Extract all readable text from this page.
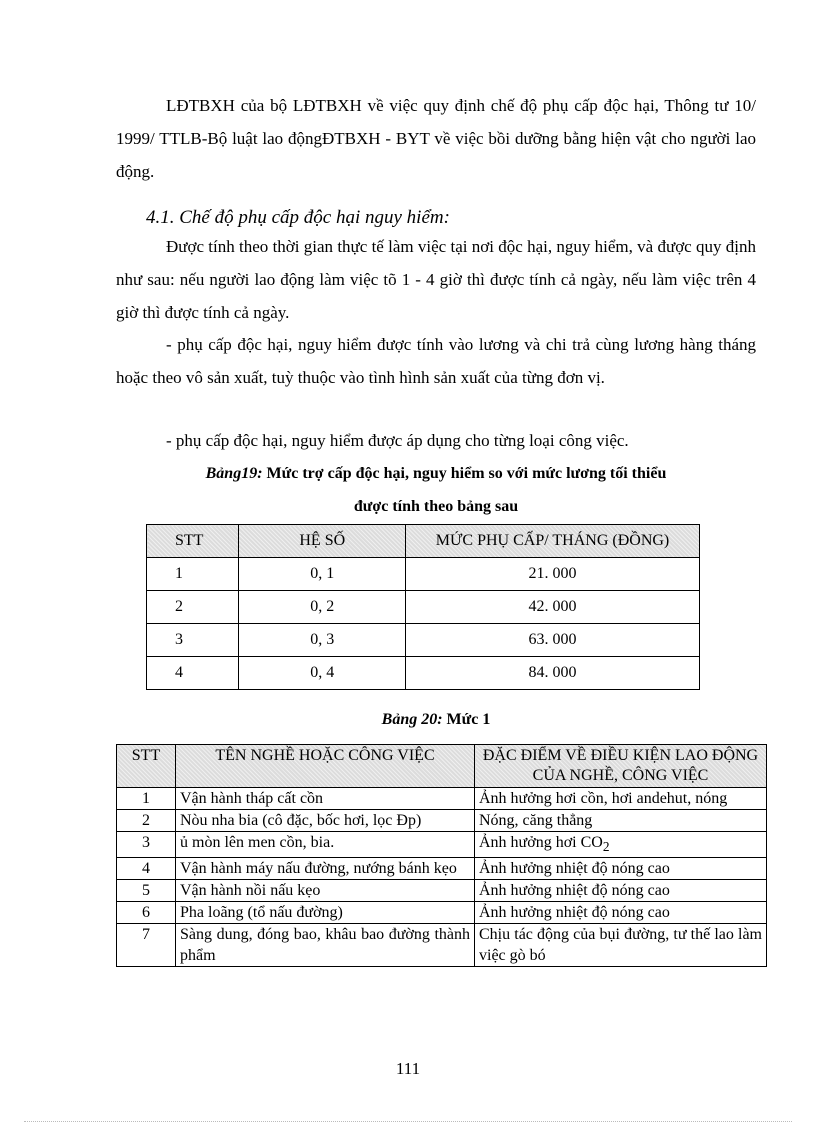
LĐTBXH của bộ LĐTBXH về việc quy định chế độ phụ cấp độc hại, Thông tư 10/ 1999/ TTLB-Bộ luật lao độngĐTBXH - BYT về việc bồi dưỡng bằng hiện vật cho người lao động.

4.1. Chế độ phụ cấp độc hại nguy hiểm:

Được tính theo thời gian thực tế làm việc tại nơi độc hại, nguy hiểm, và được quy định như sau: nếu người lao động làm việc tõ 1 - 4 giờ thì được tính cả ngày, nếu làm việc trên 4 giờ thì được tính cả ngày.

- phụ cấp độc hại, nguy hiểm được tính vào lương và chi trả cùng lương hàng tháng hoặc theo vô sản xuất, tuỳ thuộc vào tình hình sản xuất của từng đơn vị.

- phụ cấp độc hại, nguy hiểm được áp dụng cho từng loại công việc.

Bảng19: Mức trợ cấp độc hại, nguy hiểm so với mức lương tối thiểu
được tính theo bảng sau

STT	HỆ SỐ	MỨC PHỤ CẤP/ THÁNG (ĐỒNG)
1	0, 1	21. 000
2	0, 2	42. 000
3	0, 3	63. 000
4	0, 4	84. 000

Bảng 20: Mức 1

STT	TÊN NGHỀ HOẶC CÔNG VIỆC	ĐẶC ĐIỂM VỀ ĐIỀU KIỆN LAO ĐỘNG CỦA NGHỀ, CÔNG VIỆC
1	Vận hành tháp cất cồn	Ảnh hưởng hơi cồn, hơi andehut, nóng
2	Nòu nha bia (cô đặc, bốc hơi, lọc Đp)	Nóng, căng thẳng
3	ủ mòn lên men cồn, bia.	Ảnh hưởng hơi $CO_2$
4	Vận hành máy nấu đường, nướng bánh kẹo	Ảnh hưởng nhiệt độ nóng cao
5	Vận hành nồi nấu kẹo	Ảnh hưởng nhiệt độ nóng cao
6	Pha loãng (tổ nấu đường)	Ảnh hưởng nhiệt độ nóng cao
7	Sàng dung, đóng bao, khâu bao đường thành phẩm	Chịu tác động của bụi đường, tư thế lao làm việc gò bó
111
